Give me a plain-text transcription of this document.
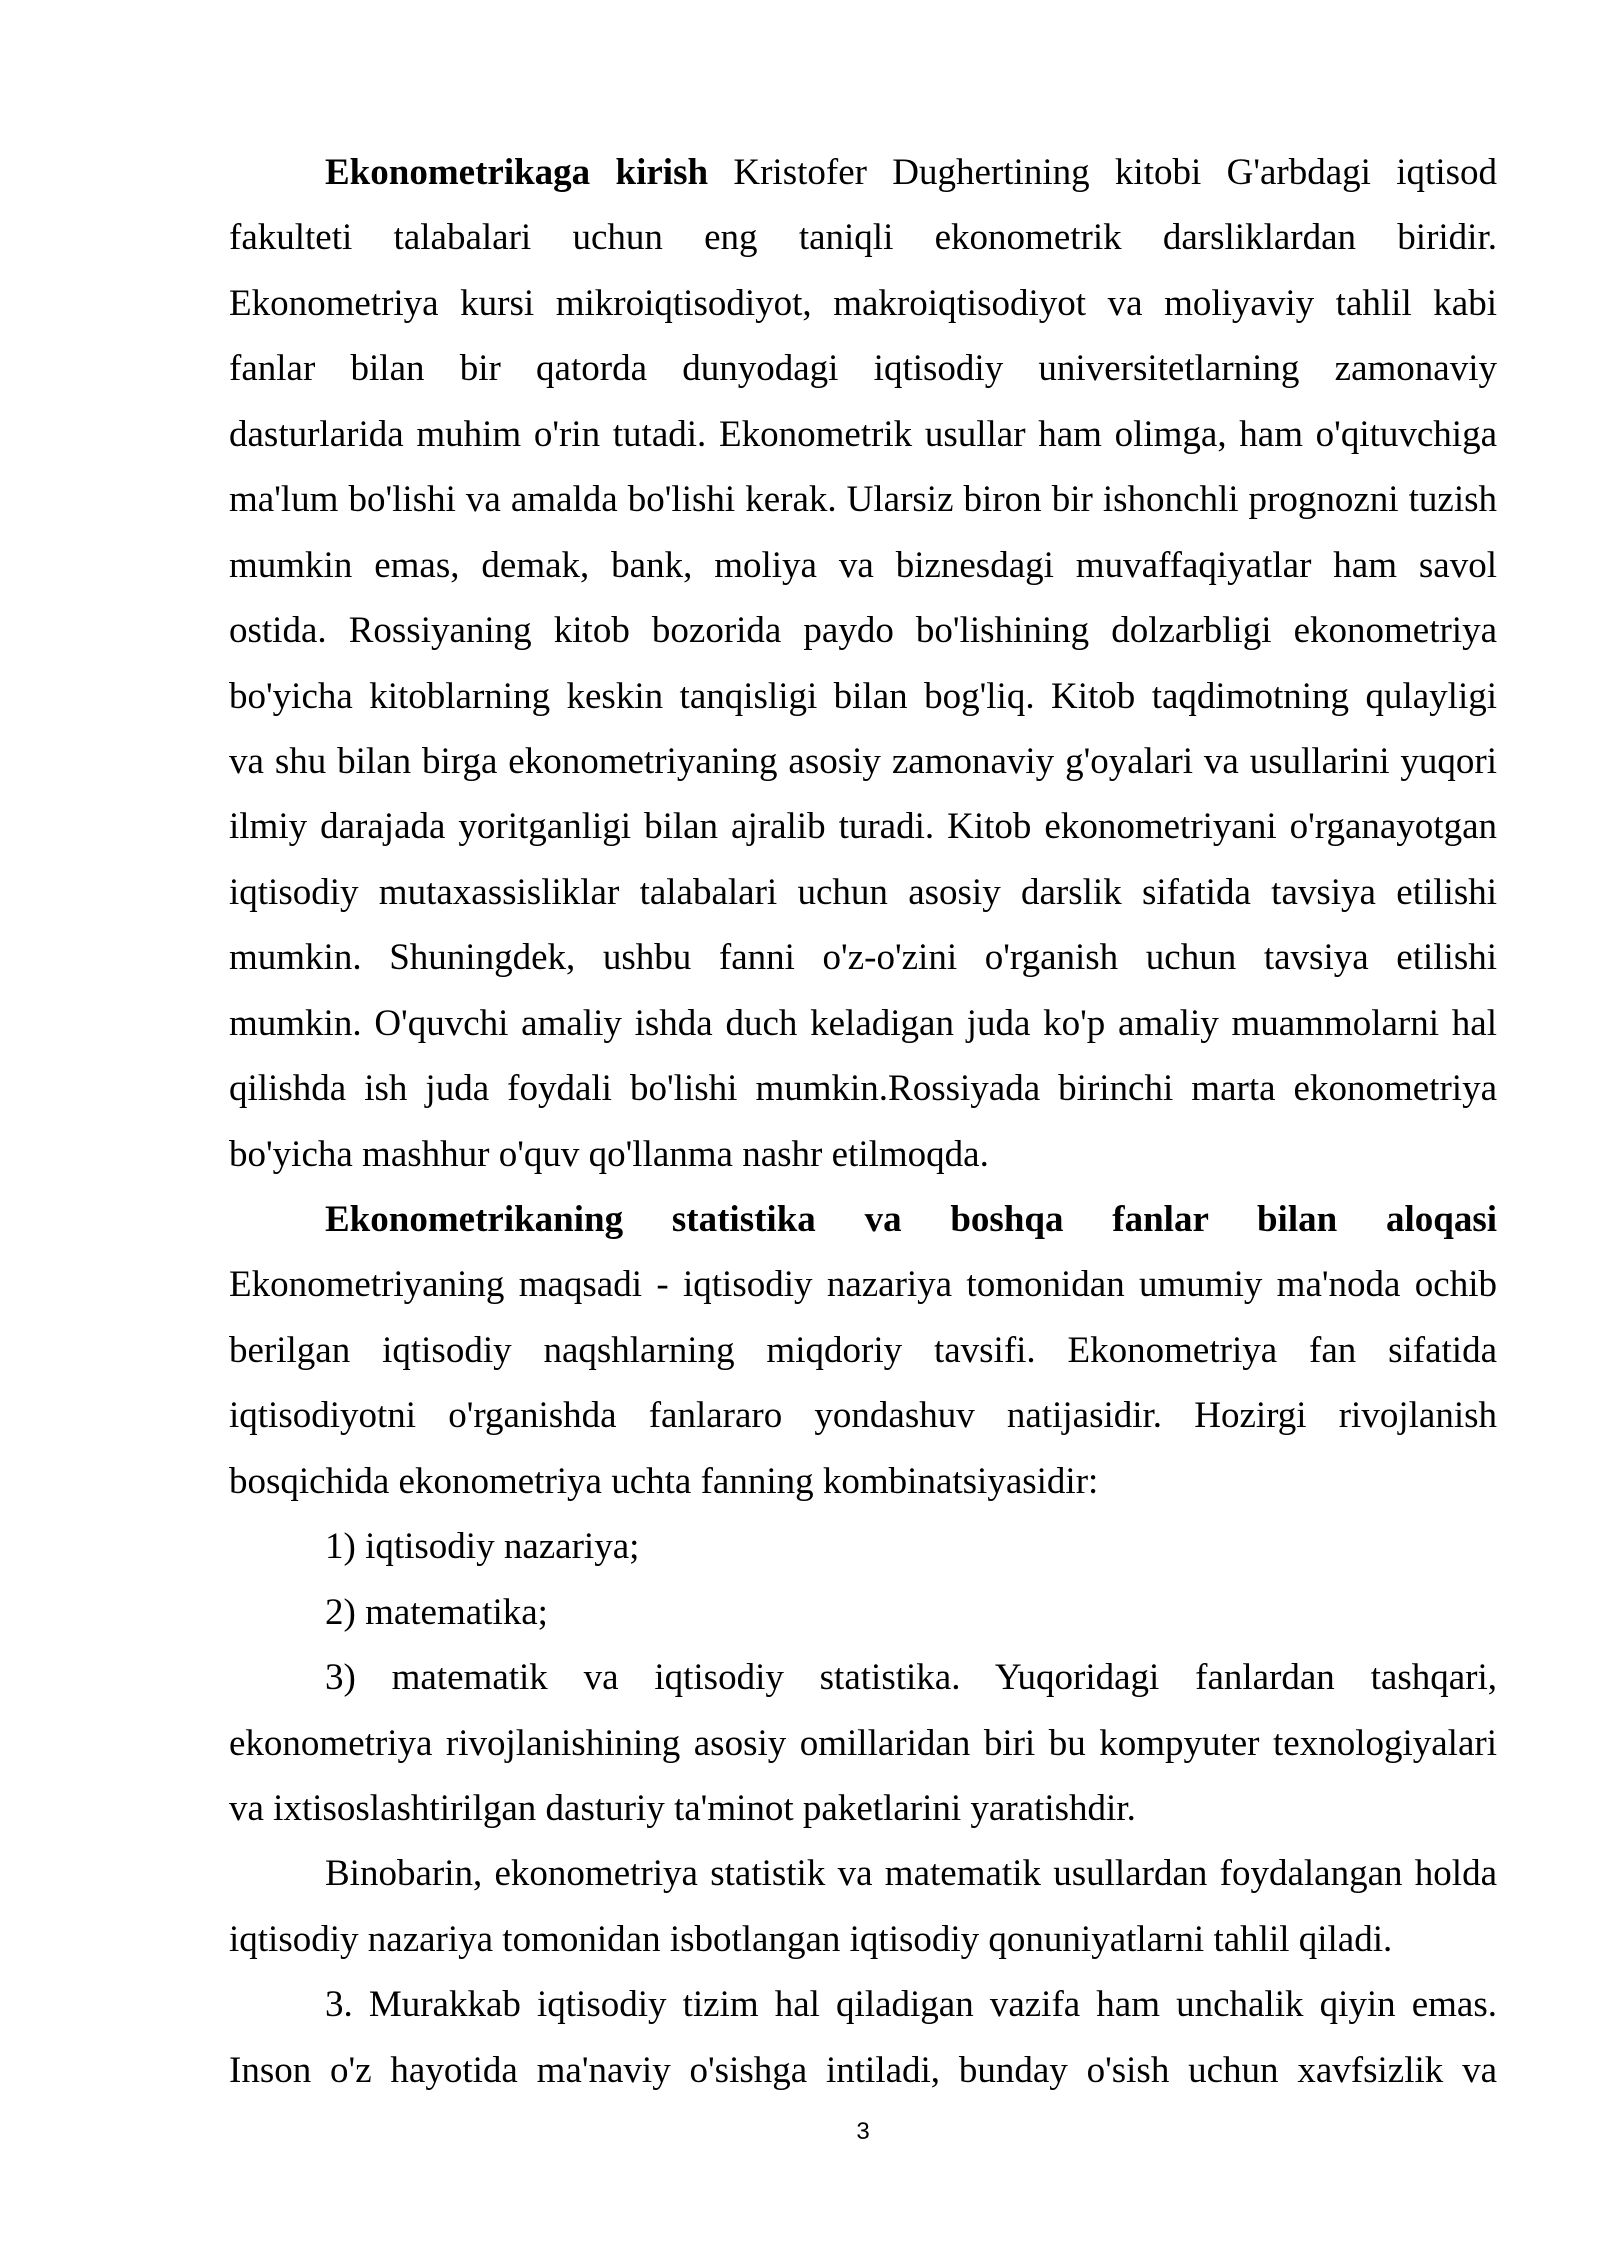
Ekonometrikaga kirish Kristofer Dughertining kitobi G'arbdagi iqtisod
fakulteti talabalari uchun eng taniqli ekonometrik darsliklardan biridir.
Ekonometriya kursi mikroiqtisodiyot, makroiqtisodiyot va moliyaviy tahlil kabi
fanlar bilan bir qatorda dunyodagi iqtisodiy universitetlarning zamonaviy
dasturlarida muhim o'rin tutadi. Ekonometrik usullar ham olimga, ham o'qituvchiga
ma'lum bo'lishi va amalda bo'lishi kerak. Ularsiz biron bir ishonchli prognozni tuzish
mumkin emas, demak, bank, moliya va biznesdagi muvaffaqiyatlar ham savol
ostida. Rossiyaning kitob bozorida paydo bo'lishining dolzarbligi ekonometriya
bo'yicha kitoblarning keskin tanqisligi bilan bog'liq. Kitob taqdimotning qulayligi
va shu bilan birga ekonometriyaning asosiy zamonaviy g'oyalari va usullarini yuqori
ilmiy darajada yoritganligi bilan ajralib turadi. Kitob ekonometriyani o'rganayotgan
iqtisodiy mutaxassisliklar talabalari uchun asosiy darslik sifatida tavsiya etilishi
mumkin. Shuningdek, ushbu fanni o'z-o'zini o'rganish uchun tavsiya etilishi
mumkin. O'quvchi amaliy ishda duch keladigan juda ko'p amaliy muammolarni hal
qilishda ish juda foydali bo'lishi mumkin.Rossiyada birinchi marta ekonometriya
bo'yicha mashhur o'quv qo'llanma nashr etilmoqda.
Ekonometrikaning statistika va boshqa fanlar bilan aloqasi
Ekonometriyaning maqsadi - iqtisodiy nazariya tomonidan umumiy ma'noda ochib
berilgan iqtisodiy naqshlarning miqdoriy tavsifi. Ekonometriya fan sifatida
iqtisodiyotni o'rganishda fanlararo yondashuv natijasidir. Hozirgi rivojlanish
bosqichida ekonometriya uchta fanning kombinatsiyasidir:
1) iqtisodiy nazariya;
2) matematika;
3) matematik va iqtisodiy statistika. Yuqoridagi fanlardan tashqari,
ekonometriya rivojlanishining asosiy omillaridan biri bu kompyuter texnologiyalari
va ixtisoslashtirilgan dasturiy ta'minot paketlarini yaratishdir.
Binobarin, ekonometriya statistik va matematik usullardan foydalangan holda
iqtisodiy nazariya tomonidan isbotlangan iqtisodiy qonuniyatlarni tahlil qiladi.
3. Murakkab iqtisodiy tizim hal qiladigan vazifa ham unchalik qiyin emas.
Inson o'z hayotida ma'naviy o'sishga intiladi, bunday o'sish uchun xavfsizlik va
3
